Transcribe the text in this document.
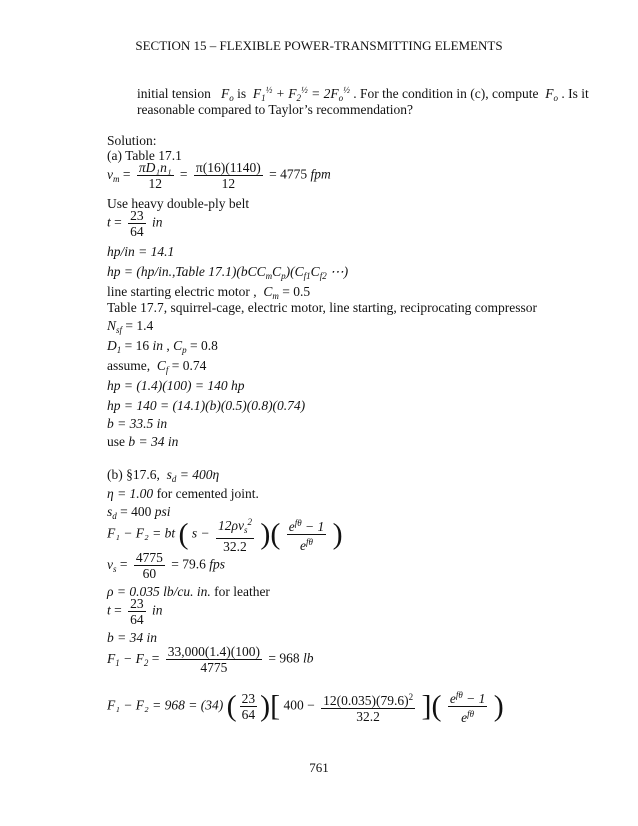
SECTION 15 – FLEXIBLE POWER-TRANSMITTING ELEMENTS
initial tension   $F_o$ is  $F_1^{\frac{1}{2}} + F_2^{\frac{1}{2}} = 2F_o^{\frac{1}{2}}$ . For the condition in (c), compute  $F_o$ . Is it
reasonable compared to Taylor’s recommendation?
Solution:
(a) Table 17.1
$v_m = \frac{\text{πD₁n₁}}{12} = \frac{\pi(16)(1140)}{12} = 4775$ fpm
Use heavy double-ply belt
$t = \frac{23}{64}$ in
hp/in = 14.1
hp = (hp/in.,Table $17.1)(bCC_mC_p)(C_{f1}C_{f2}$ ⋯)
line starting electric motor ,  $C_m = 0.5$
Table 17.7, squirrel-cage, electric motor, line starting, reciprocating compressor
$N_{sf} = 1.4$
$D_1 = 16$ in , $C_p = 0.8$
assume,  $C_f = 0.74$
hp = (1.4)(100) = 140 hp
hp = 140 = (14.1)(b)(0.5)(0.8)(0.74)
b = 33.5 in
use b = 34 in
(b) §17.6,  $s_d = 400\eta$
η = 1.00 for cemented joint.
$s_d = 400$ psi
F₁ − F₂ = bt ( $s - \frac{12\rho v_s^2}{32.2}$ )( $\frac{e^{f\theta} - 1}{e^{f\theta}}$ )
$v_s = \frac{4775}{60} = 79.6$ fps
ρ = 0.035 lb/cu. in. for leather
$t = \frac{23}{64}$ in
b = 34 in
$F_1 - F_2 = \frac{33,000(1.4)(100)}{4775} = 968$ lb
F₁ − F₂ = 968 = (34) ( $\frac{23}{64}$ )[ $400 - \frac{12(0.035)(79.6)^2}{32.2}$ ]( $\frac{e^{f\theta} - 1}{e^{f\theta}}$ )
761
